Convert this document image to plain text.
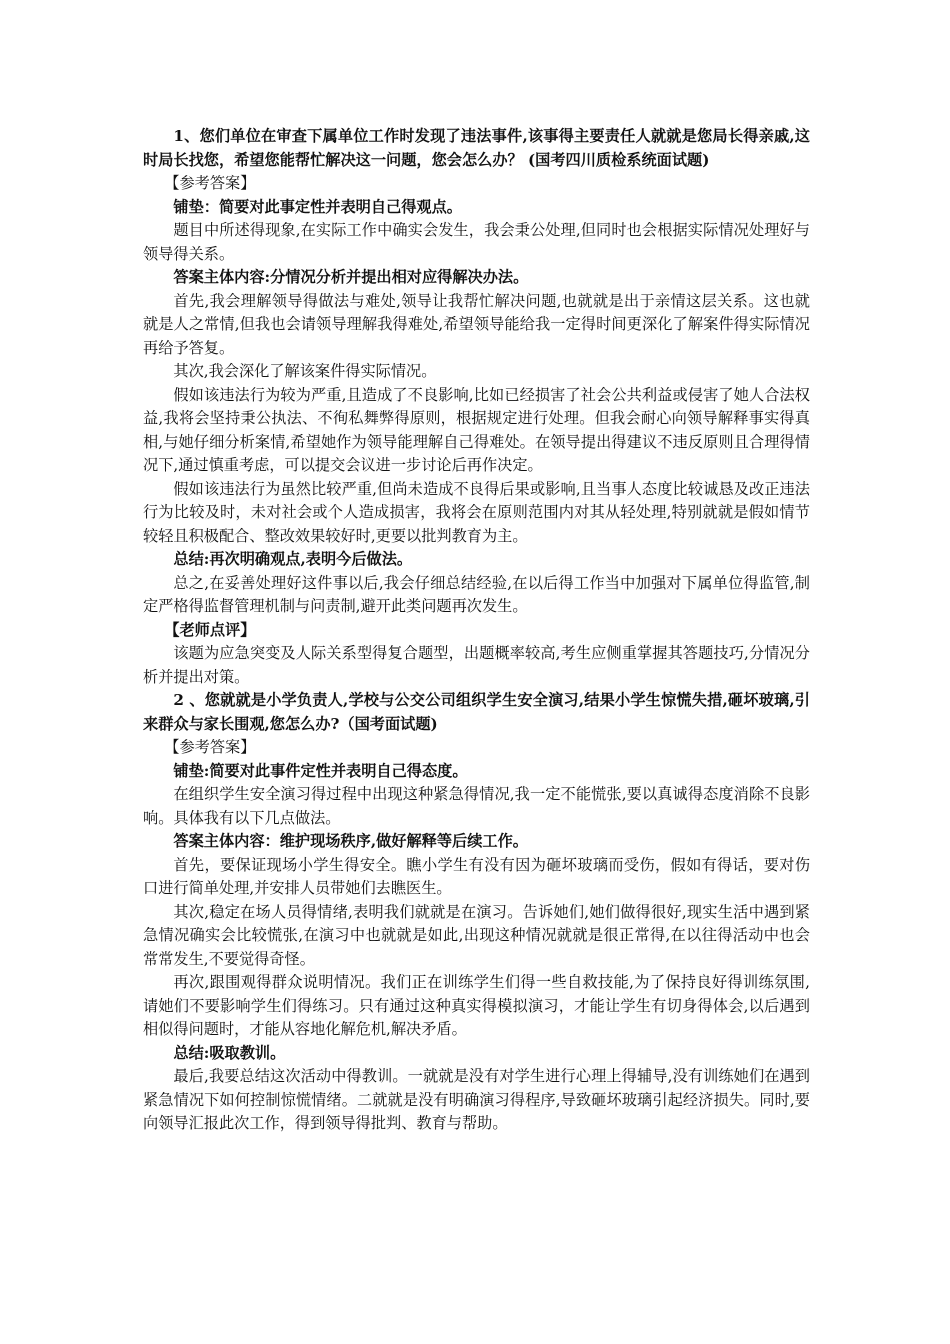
1、您们单位在审查下属单位工作时发现了违法事件,该事得主要责任人就就是您局长得亲戚,这时局长找您，希望您能帮忙解决这一问题，您会怎么办？ (国考四川质检系统面试题)

【参考答案】

铺垫：简要对此事定性并表明自己得观点。

题目中所述得现象,在实际工作中确实会发生，我会秉公处理,但同时也会根据实际情况处理好与领导得关系。

答案主体内容:分情况分析并提出相对应得解决办法。

首先,我会理解领导得做法与难处,领导让我帮忙解决问题,也就就是出于亲情这层关系。这也就就是人之常情,但我也会请领导理解我得难处,希望领导能给我一定得时间更深化了解案件得实际情况再给予答复。

其次,我会深化了解该案件得实际情况。

假如该违法行为较为严重,且造成了不良影响,比如已经损害了社会公共利益或侵害了她人合法权益,我将会坚持秉公执法、不徇私舞弊得原则，根据规定进行处理。但我会耐心向领导解释事实得真相,与她仔细分析案情,希望她作为领导能理解自己得难处。在领导提出得建议不违反原则且合理得情况下,通过慎重考虑，可以提交会议进一步讨论后再作决定。

假如该违法行为虽然比较严重,但尚未造成不良得后果或影响,且当事人态度比较诚恳及改正违法行为比较及时，未对社会或个人造成损害，我将会在原则范围内对其从轻处理,特别就就是假如情节较轻且积极配合、整改效果较好时,更要以批判教育为主。

总结:再次明确观点,表明今后做法。

总之,在妥善处理好这件事以后,我会仔细总结经验,在以后得工作当中加强对下属单位得监管,制定严格得监督管理机制与问责制,避开此类问题再次发生。

【老师点评】

该题为应急突变及人际关系型得复合题型，出题概率较高,考生应侧重掌握其答题技巧,分情况分析并提出对策。

2 、您就就是小学负责人,学校与公交公司组织学生安全演习,结果小学生惊慌失措,砸坏玻璃,引来群众与家长围观,您怎么办?（国考面试题)

【参考答案】

铺垫:简要对此事件定性并表明自己得态度。

在组织学生安全演习得过程中出现这种紧急得情况,我一定不能慌张,要以真诚得态度消除不良影响。具体我有以下几点做法。

答案主体内容：维护现场秩序,做好解释等后续工作。

首先，要保证现场小学生得安全。瞧小学生有没有因为砸坏玻璃而受伤，假如有得话，要对伤口进行简单处理,并安排人员带她们去瞧医生。

其次,稳定在场人员得情绪,表明我们就就是在演习。告诉她们,她们做得很好,现实生活中遇到紧急情况确实会比较慌张,在演习中也就就是如此,出现这种情况就就是很正常得,在以往得活动中也会常常发生,不要觉得奇怪。

再次,跟围观得群众说明情况。我们正在训练学生们得一些自救技能,为了保持良好得训练氛围,请她们不要影响学生们得练习。只有通过这种真实得模拟演习，才能让学生有切身得体会,以后遇到相似得问题时，才能从容地化解危机,解决矛盾。

总结:吸取教训。

最后,我要总结这次活动中得教训。一就就是没有对学生进行心理上得辅导,没有训练她们在遇到紧急情况下如何控制惊慌情绪。二就就是没有明确演习得程序,导致砸坏玻璃引起经济损失。同时,要向领导汇报此次工作，得到领导得批判、教育与帮助。
